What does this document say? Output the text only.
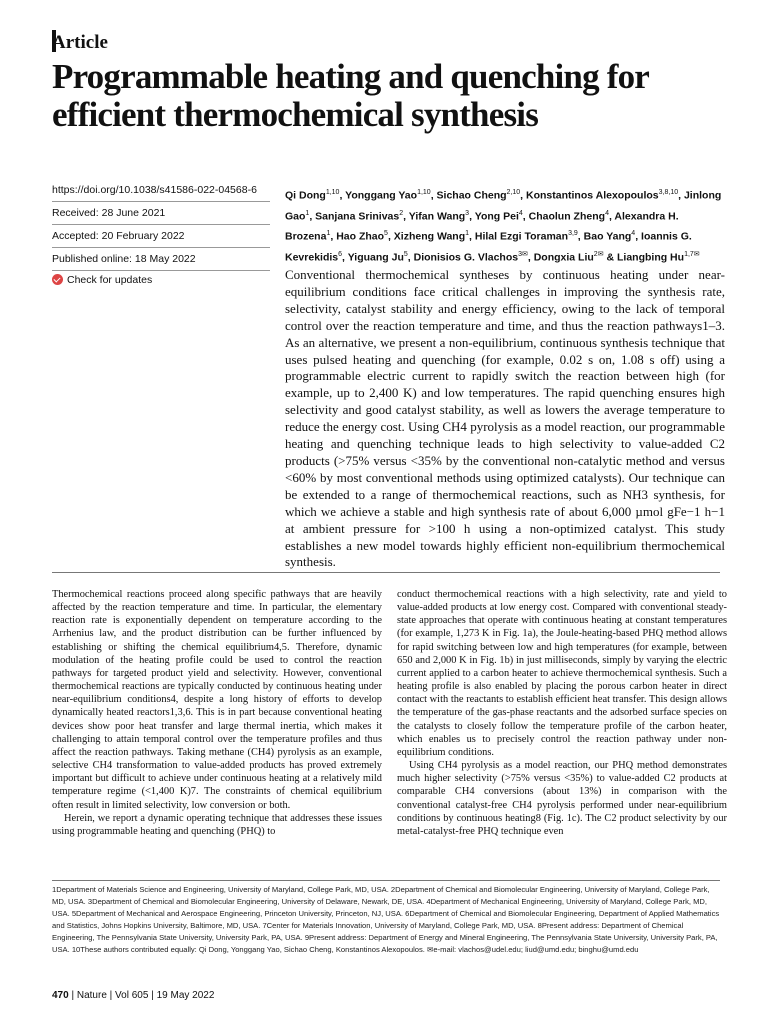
Article
Programmable heating and quenching for efficient thermochemical synthesis
https://doi.org/10.1038/s41586-022-04568-6
Received: 28 June 2021
Accepted: 20 February 2022
Published online: 18 May 2022
Check for updates
Qi Dong$^{1,10}$, Yonggang Yao$^{1,10}$, Sichao Cheng$^{2,10}$, Konstantinos Alexopoulos$^{3,8,10}$, Jinlong Gao$^1$, Sanjana Srinivas$^2$, Yifan Wang$^3$, Yong Pei$^4$, Chaolun Zheng$^4$, Alexandra H. Brozena$^1$, Hao Zhao$^5$, Xizheng Wang$^1$, Hilal Ezgi Toraman$^{3,9}$, Bao Yang$^4$, Ioannis G. Kevrekidis$^6$, Yiguang Ju$^5$, Dionisios G. Vlachos$^{3✉}$, Dongxia Liu$^{2✉}$ & Liangbing $Hu^{1,7✉}$
Conventional thermochemical syntheses by continuous heating under near-equilibrium conditions face critical challenges in improving the synthesis rate, selectivity, catalyst stability and energy efficiency, owing to the lack of temporal control over the reaction temperature and time, and thus the reaction pathways1–3. As an alternative, we present a non-equilibrium, continuous synthesis technique that uses pulsed heating and quenching (for example, 0.02 s on, 1.08 s off) using a programmable electric current to rapidly switch the reaction between high (for example, up to 2,400 K) and low temperatures. The rapid quenching ensures high selectivity and good catalyst stability, as well as lowers the average temperature to reduce the energy cost. Using CH4 pyrolysis as a model reaction, our programmable heating and quenching technique leads to high selectivity to value-added C2 products (>75% versus <35% by the conventional non-catalytic method and versus <60% by most conventional methods using optimized catalysts). Our technique can be extended to a range of thermochemical reactions, such as NH3 synthesis, for which we achieve a stable and high synthesis rate of about 6,000 µmol gFe−1 h−1 at ambient pressure for >100 h using a non-optimized catalyst. This study establishes a new model towards highly efficient non-equilibrium thermochemical synthesis.

Thermochemical reactions proceed along specific pathways that are heavily affected by the reaction temperature and time. In particular, the elementary reaction rate is exponentially dependent on temperature according to the Arrhenius law, and the product distribution can be further influenced by establishing or shifting the chemical equilibrium4,5. Therefore, dynamic modulation of the heating profile could be used to control the reaction pathways for targeted product yield and selectivity. However, conventional thermochemical reactions are typically conducted by continuous heating under near-equilibrium conditions4, despite a long history of efforts to develop dynamically heated reactors1,3,6. This is in part because conventional heating devices show poor heat transfer and large thermal inertia, which makes it challenging to attain temporal control over the temperature profiles and thus affect the reaction pathways. Taking methane (CH4) pyrolysis as an example, selective CH4 transformation to value-added products has proved extremely important but difficult to achieve under continuous heating at a relatively mild temperature regime (<1,400 K)7. The constraints of chemical equilibrium often result in limited selectivity, low conversion or both.

Herein, we report a dynamic operating technique that addresses these issues using programmable heating and quenching (PHQ) to

conduct thermochemical reactions with a high selectivity, rate and yield to value-added products at low energy cost. Compared with conventional steady-state approaches that operate with continuous heating at constant temperatures (for example, 1,273 K in Fig. 1a), the Joule-heating-based PHQ method allows for rapid switching between low and high temperatures (for example, between 650 and 2,000 K in Fig. 1b) in just milliseconds, simply by varying the electric current applied to a carbon heater to achieve thermochemical synthesis. Such a heating profile is also enabled by placing the porous carbon heater in direct contact with the reactants to establish efficient heat transfer. This design allows the temperature of the gas-phase reactants and the adsorbed surface species on the catalysts to closely follow the temperature profile of the carbon heater, which enables us to precisely control the reaction pathway under non-equilibrium conditions.

Using CH4 pyrolysis as a model reaction, our PHQ method demonstrates much higher selectivity (>75% versus <35%) to value-added C2 products at comparable CH4 conversions (about 13%) in comparison with the conventional catalyst-free CH4 pyrolysis performed under near-equilibrium conditions by continuous heating8 (Fig. 1c). The C2 product selectivity by our metal-catalyst-free PHQ technique even

1Department of Materials Science and Engineering, University of Maryland, College Park, MD, USA. 2Department of Chemical and Biomolecular Engineering, University of Maryland, College Park, MD, USA. 3Department of Chemical and Biomolecular Engineering, University of Delaware, Newark, DE, USA. 4Department of Mechanical Engineering, University of Maryland, College Park, MD, USA. 5Department of Mechanical and Aerospace Engineering, Princeton University, Princeton, NJ, USA. 6Department of Chemical and Biomolecular Engineering, Department of Applied Mathematics and Statistics, Johns Hopkins University, Baltimore, MD, USA. 7Center for Materials Innovation, University of Maryland, College Park, MD, USA. 8Present address: Department of Chemical Engineering, The Pennsylvania State University, University Park, PA, USA. 9Present address: Department of Energy and Mineral Engineering, The Pennsylvania State University, University Park, PA, USA. 10These authors contributed equally: Qi Dong, Yonggang Yao, Sichao Cheng, Konstantinos Alexopoulos. ✉e-mail: vlachos@udel.edu; liud@umd.edu; binghu@umd.edu
470 | Nature | Vol 605 | 19 May 2022
